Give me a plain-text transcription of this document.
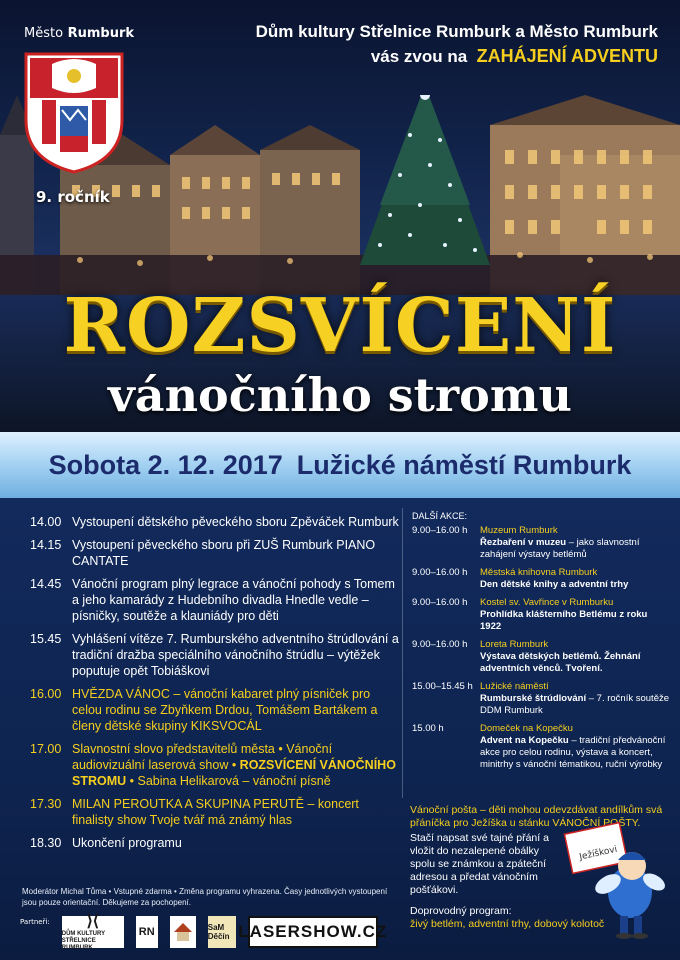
Město Rumburk
9. ročník
Dům kultury Střelnice Rumburk a Město Rumburk
vás zvou na ZAHÁJENÍ ADVENTU
ROZSVÍCENÍ
vánočního stromu
Sobota 2. 12. 2017 Lužické náměstí Rumburk
14.00 Vystoupení dětského pěveckého sboru Zpěváček Rumburk
14.15 Vystoupení pěveckého sboru při ZUŠ Rumburk PIANO CANTATE
14.45 Vánoční program plný legrace a vánoční pohody s Tomem a jeho kamarády z Hudebního divadla Hnedle vedle – písničky, soutěže a klauniády pro děti
15.45 Vyhlášení vítěze 7. Rumburského adventního štrúdlování a tradiční dražba speciálního vánočního štrúdlu – výtěžek poputuje opět Tobiáškovi
16.00 HVĚZDA VÁNOC – vánoční kabaret plný písniček pro celou rodinu se Zbyňkem Drdou, Tomášem Bartákem a členy dětské skupiny KIKSVOCÁL
17.00 Slavnostní slovo představitelů města • Vánoční audiovizuální laserová show • ROZSVÍCENÍ VÁNOČNÍHO STROMU • Sabina Helikarová – vánoční písně
17.30 MILAN PEROUTKA A SKUPINA PERUTĚ – koncert finalisty show Tvoje tvář má známý hlas
18.30 Ukončení programu
DALŠÍ AKCE:
9.00–16.00 h	Muzeum Rumburk
Řezbaření v muzeu – jako slavnostní zahájení výstavy betlémů
9.00–16.00 h	Městská knihovna Rumburk
Den dětské knihy a adventní trhy
9.00–16.00 h	Kostel sv. Vavřince v Rumburku
Prohlídka klášterního Betlému z roku 1922
9.00–16.00 h	Loreta Rumburk
Výstava dětských betlémů. Žehnání adventních věnců. Tvoření.
15.00–15.45 h Lužické náměstí
Rumburské štrúdlování – 7. ročník soutěže DDM Rumburk
15.00 h	Domeček na Kopečku
Advent na Kopečku – tradiční předvánoční akce pro celou rodinu, výstava a koncert, minitrhy s vánoční tématikou, ruční výrobky
Vánoční pošta – děti mohou odevzdávat andílkům svá přáníčka pro Ježíška u stánku VÁNOČNÍ POŠTY.
Stačí napsat své tajné přání a vložit do nezalepené obálky spolu se známkou a zpáteční adresou a předat vánočním pošťákovi.
Doprovodný program:
živý betlém, adventní trhy, dobový kolotoč
Ježíškovi
Moderátor Michal Tůma • Vstupné zdarma • Změna programu vyhrazena. Časy jednotlivých vystoupení jsou pouze orientační. Děkujeme za pochopení.
Partneři: ⟩⟨
DŮM KULTURY STŘELNICE RUMBURK
RN	SaM Děčín LASERSHOW.CZ
